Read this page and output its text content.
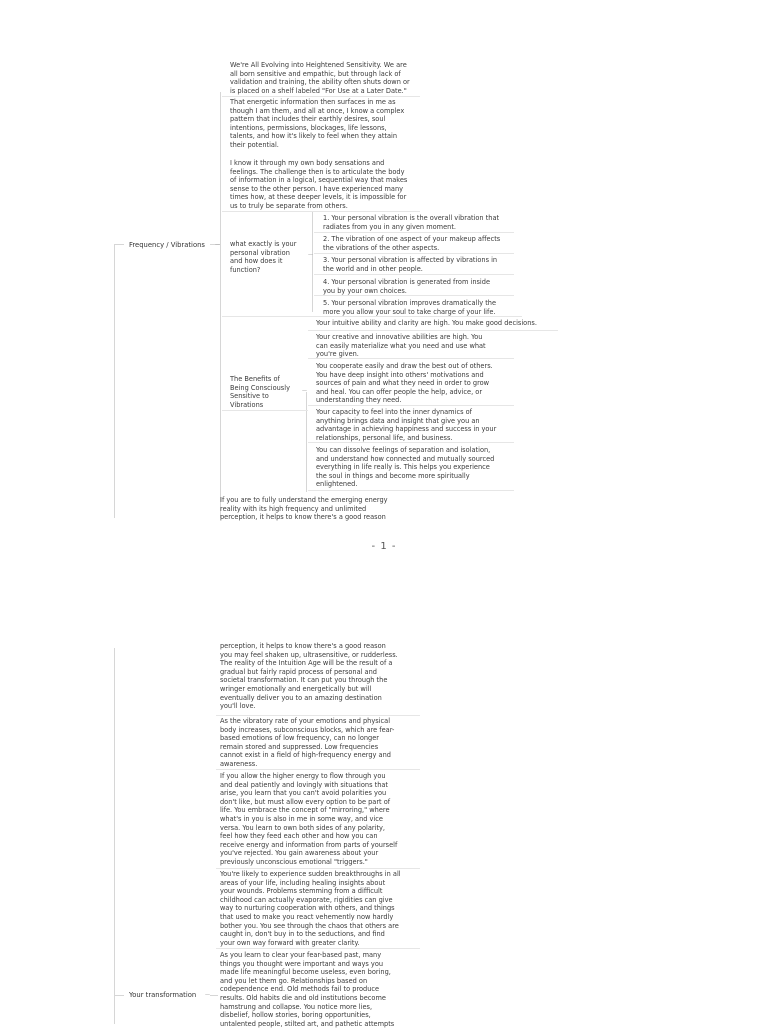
Frequency / Vibrations —
We're All Evolving into Heightened Sensitivity. We are
all born sensitive and empathic, but through lack of
validation and training, the ability often shuts down or
is placed on a shelf labeled "For Use at a Later Date."
That energetic information then surfaces in me as
though I am them, and all at once, I know a complex
pattern that includes their earthly desires, soul
intentions, permissions, blockages, life lessons,
talents, and how it's likely to feel when they attain
their potential.
I know it through my own body sensations and
feelings. The challenge then is to articulate the body
of information in a logical, sequential way that makes
sense to the other person. I have experienced many
times how, at these deeper levels, it is impossible for
us to truly be separate from others.
what exactly is your
personal vibration
and how does it
function?
—
1. Your personal vibration is the overall vibration that
radiates from you in any given moment.
2. The vibration of one aspect of your makeup affects
the vibrations of the other aspects.
3. Your personal vibration is affected by vibrations in
the world and in other people.
4. Your personal vibration is generated from inside
you by your own choices.
5. Your personal vibration improves dramatically the
more you allow your soul to take charge of your life.
Your intuitive ability and clarity are high. You make good decisions.
The Benefits of
Being Consciously
Sensitive to
Vibrations
—
Your creative and innovative abilities are high. You
can easily materialize what you need and use what
you're given.
You cooperate easily and draw the best out of others.
You have deep insight into others' motivations and
sources of pain and what they need in order to grow
and heal. You can offer people the help, advice, or
understanding they need.
Your capacity to feel into the inner dynamics of
anything brings data and insight that give you an
advantage in achieving happiness and success in your
relationships, personal life, and business.
You can dissolve feelings of separation and isolation,
and understand how connected and mutually sourced
everything in life really is. This helps you experience
the soul in things and become more spiritually
enlightened.
If you are to fully understand the emerging energy
reality with its high frequency and unlimited
perception, it helps to know there's a good reason
- 1 -
perception, it helps to know there's a good reason
you may feel shaken up, ultrasensitive, or rudderless.
The reality of the Intuition Age will be the result of a
gradual but fairly rapid process of personal and
societal transformation. It can put you through the
wringer emotionally and energetically but will
eventually deliver you to an amazing destination
you'll love.
As the vibratory rate of your emotions and physical
body increases, subconscious blocks, which are fear-
based emotions of low frequency, can no longer
remain stored and suppressed. Low frequencies
cannot exist in a field of high-frequency energy and
awareness.
If you allow the higher energy to flow through you
and deal patiently and lovingly with situations that
arise, you learn that you can't avoid polarities you
don't like, but must allow every option to be part of
life. You embrace the concept of "mirroring," where
what's in you is also in me in some way, and vice
versa. You learn to own both sides of any polarity,
feel how they feed each other and how you can
receive energy and information from parts of yourself
you've rejected. You gain awareness about your
previously unconscious emotional "triggers."
You're likely to experience sudden breakthroughs in all
areas of your life, including healing insights about
your wounds. Problems stemming from a difficult
childhood can actually evaporate, rigidities can give
way to nurturing cooperation with others, and things
that used to make you react vehemently now hardly
bother you. You see through the chaos that others are
caught in, don't buy in to the seductions, and find
your own way forward with greater clarity.
As you learn to clear your fear-based past, many
things you thought were important and ways you
made life meaningful become useless, even boring,
and you let them go. Relationships based on
codependence end. Old methods fail to produce
results. Old habits die and old institutions become
hamstrung and collapse. You notice more lies,
disbelief, hollow stories, boring opportunities,
untalented people, stilted art, and pathetic attempts
Your transformation —
